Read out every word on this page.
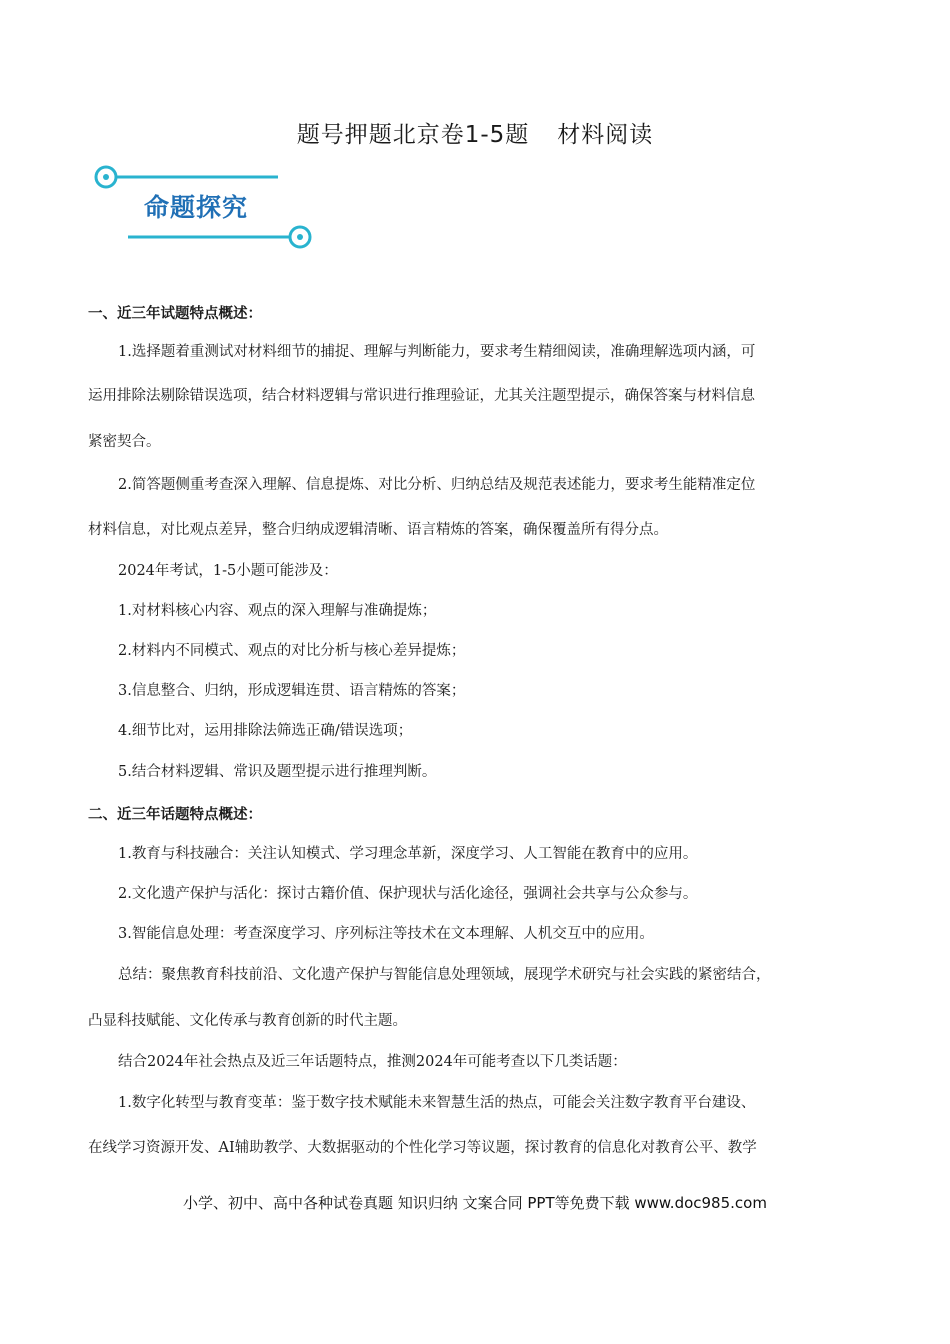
题号押题北京卷1-5题 材料阅读
命题探究
一、近三年试题特点概述：
1.选择题着重测试对材料细节的捕捉、理解与判断能力，要求考生精细阅读，准确理解选项内涵，可
运用排除法剔除错误选项，结合材料逻辑与常识进行推理验证，尤其关注题型提示，确保答案与材料信息
紧密契合。
2.简答题侧重考查深入理解、信息提炼、对比分析、归纳总结及规范表述能力，要求考生能精准定位
材料信息，对比观点差异，整合归纳成逻辑清晰、语言精炼的答案，确保覆盖所有得分点。
2024年考试，1-5小题可能涉及：
1.对材料核心内容、观点的深入理解与准确提炼；
2.材料内不同模式、观点的对比分析与核心差异提炼；
3.信息整合、归纳，形成逻辑连贯、语言精炼的答案；
4.细节比对，运用排除法筛选正确/错误选项；
5.结合材料逻辑、常识及题型提示进行推理判断。
二、近三年话题特点概述：
1.教育与科技融合：关注认知模式、学习理念革新，深度学习、人工智能在教育中的应用。
2.文化遗产保护与活化：探讨古籍价值、保护现状与活化途径，强调社会共享与公众参与。
3.智能信息处理：考查深度学习、序列标注等技术在文本理解、人机交互中的应用。
总结：聚焦教育科技前沿、文化遗产保护与智能信息处理领域，展现学术研究与社会实践的紧密结合，
凸显科技赋能、文化传承与教育创新的时代主题。
结合2024年社会热点及近三年话题特点，推测2024年可能考查以下几类话题：
1.数字化转型与教育变革：鉴于数字技术赋能未来智慧生活的热点，可能会关注数字教育平台建设、
在线学习资源开发、AI辅助教学、大数据驱动的个性化学习等议题，探讨教育的信息化对教育公平、教学
小学、初中、高中各种试卷真题 知识归纳 文案合同 PPT等免费下载 www.doc985.com
